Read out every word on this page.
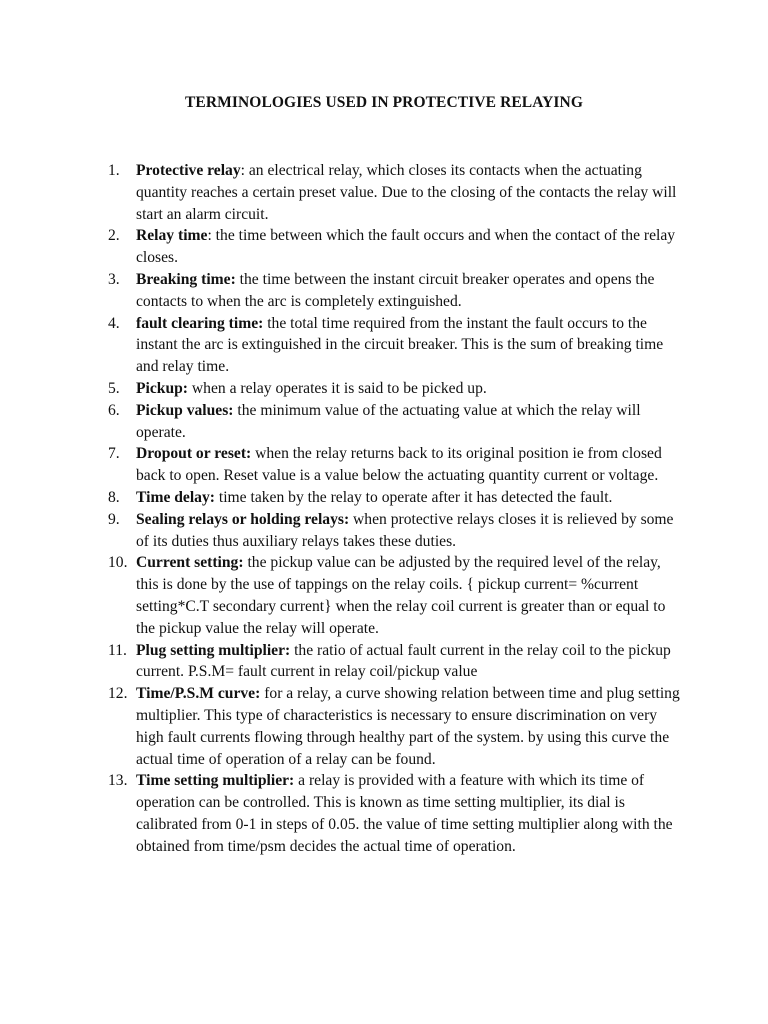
TERMINOLOGIES USED IN PROTECTIVE RELAYING
1. Protective relay: an electrical relay, which closes its contacts when the actuating quantity reaches a certain preset value. Due to the closing of the contacts the relay will start an alarm circuit.
2. Relay time: the time between which the fault occurs and when the contact of the relay closes.
3. Breaking time: the time between the instant circuit breaker operates and opens the contacts to when the arc is completely extinguished.
4. fault clearing time: the total time required from the instant the fault occurs to the instant the arc is extinguished in the circuit breaker. This is the sum of breaking time and relay time.
5. Pickup: when a relay operates it is said to be picked up.
6. Pickup values: the minimum value of the actuating value at which the relay will operate.
7. Dropout or reset: when the relay returns back to its original position ie from closed back to open. Reset value is a value below the actuating quantity current or voltage.
8. Time delay: time taken by the relay to operate after it has detected the fault.
9. Sealing relays or holding relays: when protective relays closes it is relieved by some of its duties thus auxiliary relays takes these duties.
10. Current setting: the pickup value can be adjusted by the required level of the relay, this is done by the use of tappings on the relay coils. { pickup current= %current setting*C.T secondary current} when the relay coil current is greater than or equal to the pickup value the relay will operate.
11. Plug setting multiplier: the ratio of actual fault current in the relay coil to the pickup current. P.S.M= fault current in relay coil/pickup value
12. Time/P.S.M curve: for a relay, a curve showing relation between time and plug setting multiplier. This type of characteristics is necessary to ensure discrimination on very high fault currents flowing through healthy part of the system. by using this curve the actual time of operation of a relay can be found.
13. Time setting multiplier: a relay is provided with a feature with which its time of operation can be controlled. This is known as time setting multiplier, its dial is calibrated from 0-1 in steps of 0.05. the value of time setting multiplier along with the obtained from time/psm decides the actual time of operation.
